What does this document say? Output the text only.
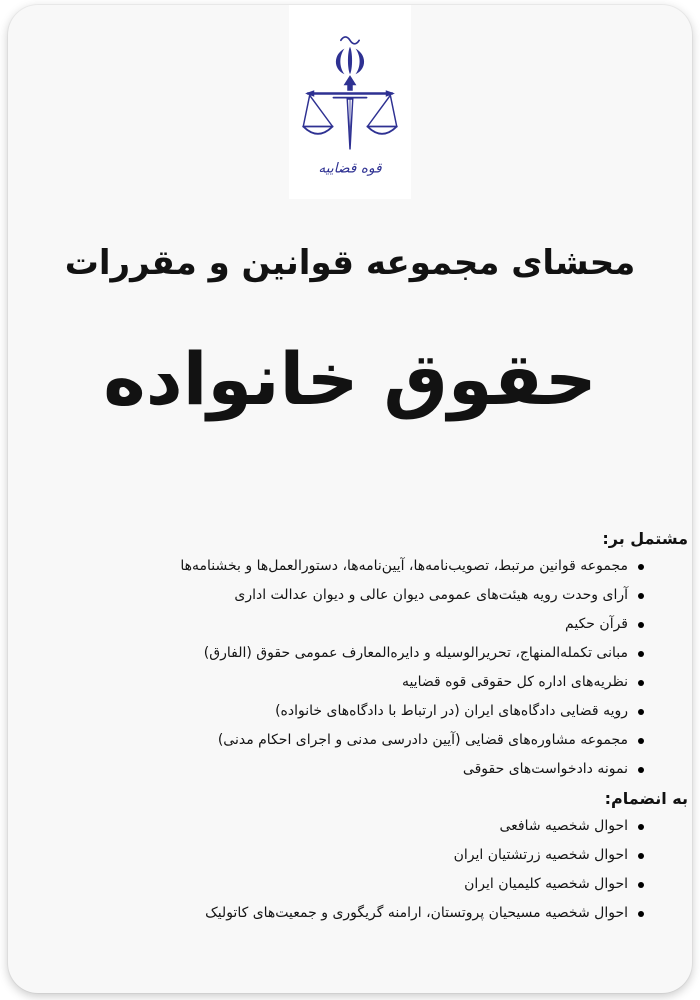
قوه قضاییه
محشای مجموعه قوانین و مقررات
حقوق خانواده
مشتمل بر:
مجموعه قوانین مرتبط، تصویب‌نامه‌ها، آیین‌نامه‌ها، دستورالعمل‌ها و بخشنامه‌ها
آرای وحدت رویه هیئت‌های عمومی دیوان عالی و دیوان عدالت اداری
قرآن حکیم
مبانی تکمله‌المنهاج، تحریرالوسیله و دایره‌المعارف عمومی حقوق (الفارق)
نظریه‌های اداره کل حقوقی قوه قضاییه
رویه قضایی دادگاه‌های ایران (در ارتباط با دادگاه‌های خانواده)
مجموعه مشاوره‌های قضایی (آیین دادرسی مدنی و اجرای احکام مدنی)
نمونه دادخواست‌های حقوقی
به انضمام:
احوال شخصیه شافعی
احوال شخصیه زرتشتیان ایران
احوال شخصیه کلیمیان ایران
احوال شخصیه مسیحیان پروتستان، ارامنه گریگوری و جمعیت‌های کاتولیک
